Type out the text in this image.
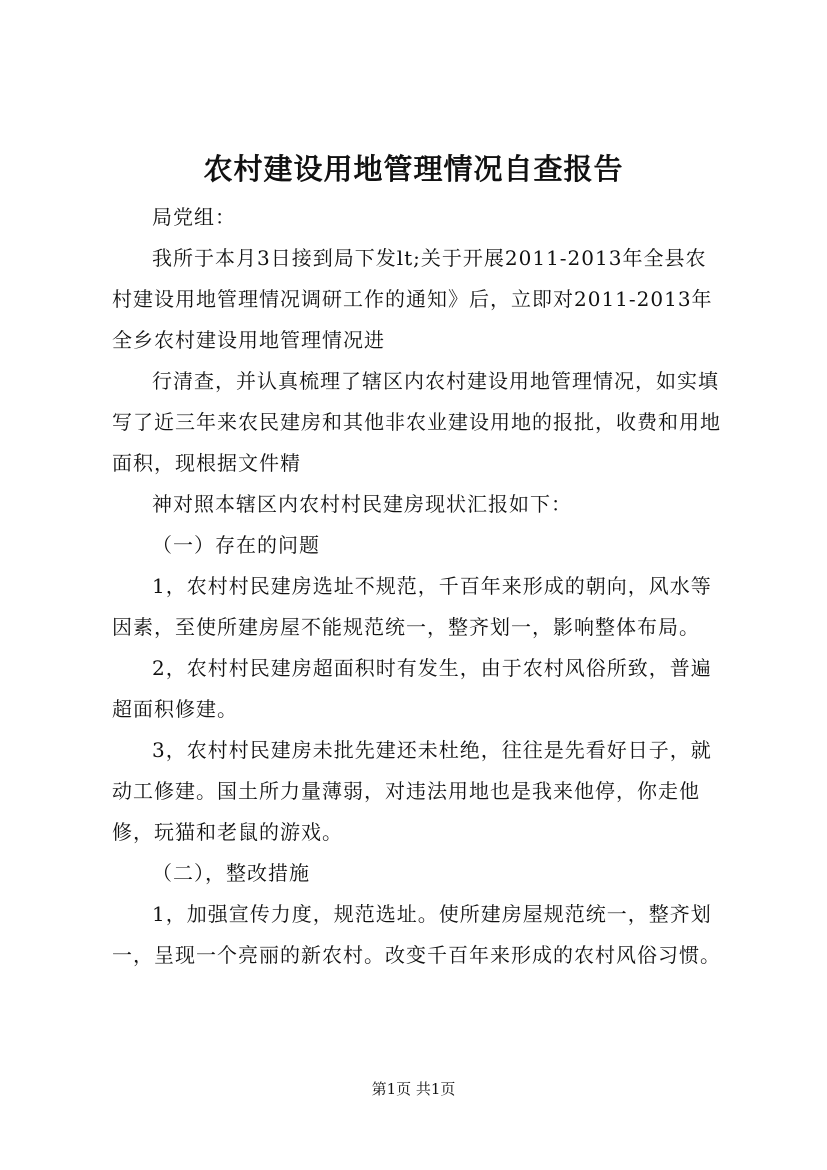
农村建设用地管理情况自查报告

局党组：

我所于本月3日接到局下发lt;关于开展2011-2013年全县农村建设用地管理情况调研工作的通知》后，立即对2011-2013年全乡农村建设用地管理情况进

行清查，并认真梳理了辖区内农村建设用地管理情况，如实填写了近三年来农民建房和其他非农业建设用地的报批，收费和用地面积，现根据文件精

神对照本辖区内农村村民建房现状汇报如下：

（一）存在的问题

1，农村村民建房选址不规范，千百年来形成的朝向，风水等因素，至使所建房屋不能规范统一，整齐划一，影响整体布局。

2，农村村民建房超面积时有发生，由于农村风俗所致，普遍超面积修建。

3，农村村民建房未批先建还未杜绝，往往是先看好日子，就动工修建。国土所力量薄弱，对违法用地也是我来他停，你走他修，玩猫和老鼠的游戏。

（二），整改措施

1，加强宣传力度，规范选址。使所建房屋规范统一，整齐划一，呈现一个亮丽的新农村。改变千百年来形成的农村风俗习惯。

第1页 共1页
